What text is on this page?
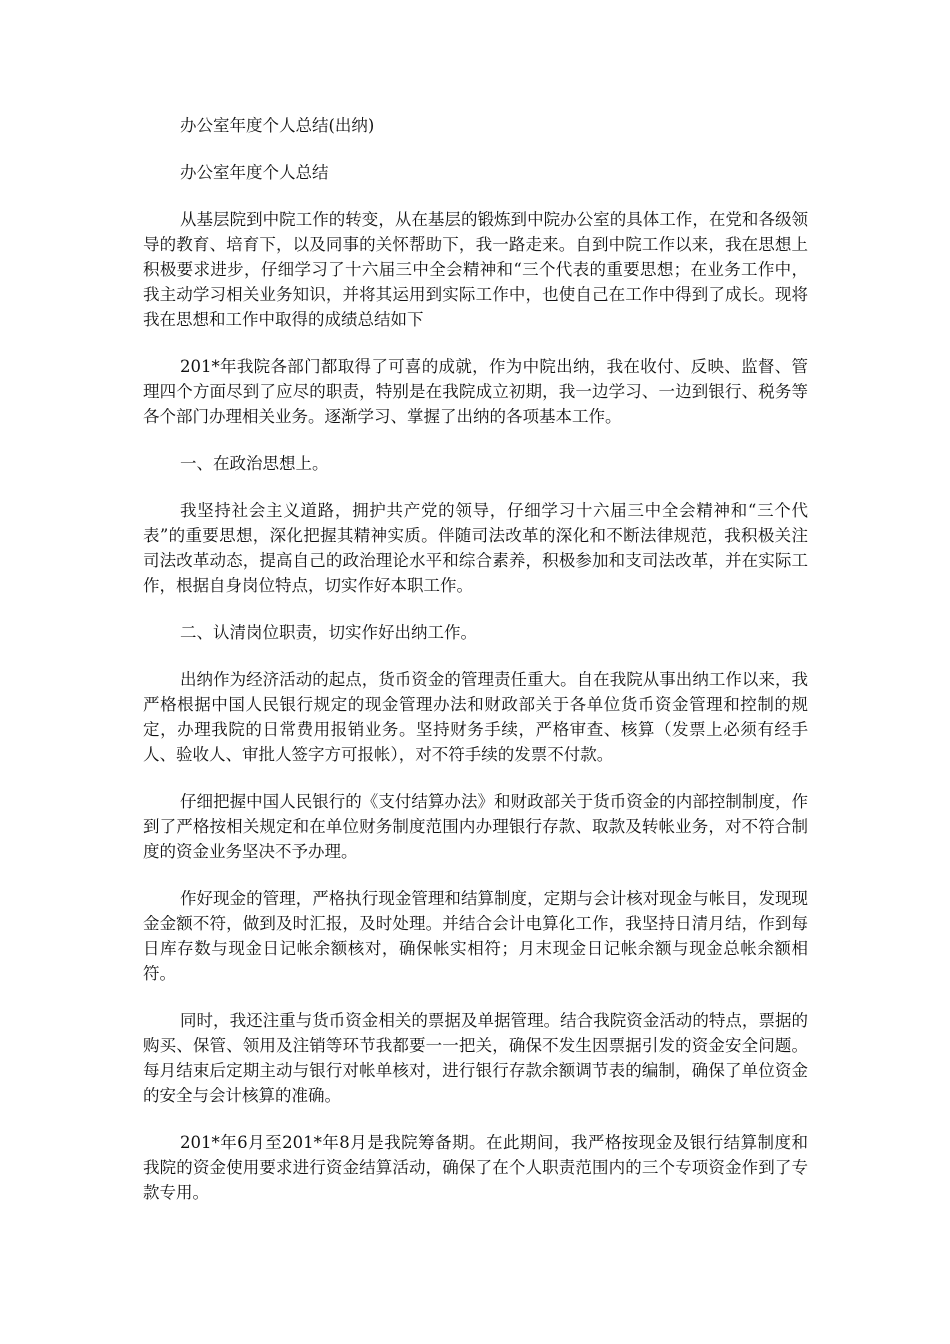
办公室年度个人总结(出纳)

办公室年度个人总结

从基层院到中院工作的转变，从在基层的锻炼到中院办公室的具体工作，在党和各级领导的教育、培育下，以及同事的关怀帮助下，我一路走来。自到中院工作以来，我在思想上积极要求进步，仔细学习了十六届三中全会精神和“三个代表的重要思想；在业务工作中，我主动学习相关业务知识，并将其运用到实际工作中，也使自己在工作中得到了成长。现将我在思想和工作中取得的成绩总结如下

201*年我院各部门都取得了可喜的成就，作为中院出纳，我在收付、反映、监督、管理四个方面尽到了应尽的职责，特别是在我院成立初期，我一边学习、一边到银行、税务等各个部门办理相关业务。逐渐学习、掌握了出纳的各项基本工作。

一、在政治思想上。

我坚持社会主义道路，拥护共产党的领导，仔细学习十六届三中全会精神和“三个代表”的重要思想，深化把握其精神实质。伴随司法改革的深化和不断法律规范，我积极关注司法改革动态，提高自己的政治理论水平和综合素养，积极参加和支司法改革，并在实际工作，根据自身岗位特点，切实作好本职工作。

二、认清岗位职责，切实作好出纳工作。

出纳作为经济活动的起点，货币资金的管理责任重大。自在我院从事出纳工作以来，我严格根据中国人民银行规定的现金管理办法和财政部关于各单位货币资金管理和控制的规定，办理我院的日常费用报销业务。坚持财务手续，严格审查、核算（发票上必须有经手人、验收人、审批人签字方可报帐），对不符手续的发票不付款。

仔细把握中国人民银行的《支付结算办法》和财政部关于货币资金的内部控制制度，作到了严格按相关规定和在单位财务制度范围内办理银行存款、取款及转帐业务，对不符合制度的资金业务坚决不予办理。

作好现金的管理，严格执行现金管理和结算制度，定期与会计核对现金与帐目，发现现金金额不符，做到及时汇报，及时处理。并结合会计电算化工作，我坚持日清月结，作到每日库存数与现金日记帐余额核对，确保帐实相符；月末现金日记帐余额与现金总帐余额相符。

同时，我还注重与货币资金相关的票据及单据管理。结合我院资金活动的特点，票据的购买、保管、领用及注销等环节我都要一一把关，确保不发生因票据引发的资金安全问题。每月结束后定期主动与银行对帐单核对，进行银行存款余额调节表的编制，确保了单位资金的安全与会计核算的准确。

201*年6月至201*年8月是我院筹备期。在此期间，我严格按现金及银行结算制度和我院的资金使用要求进行资金结算活动，确保了在个人职责范围内的三个专项资金作到了专款专用。
